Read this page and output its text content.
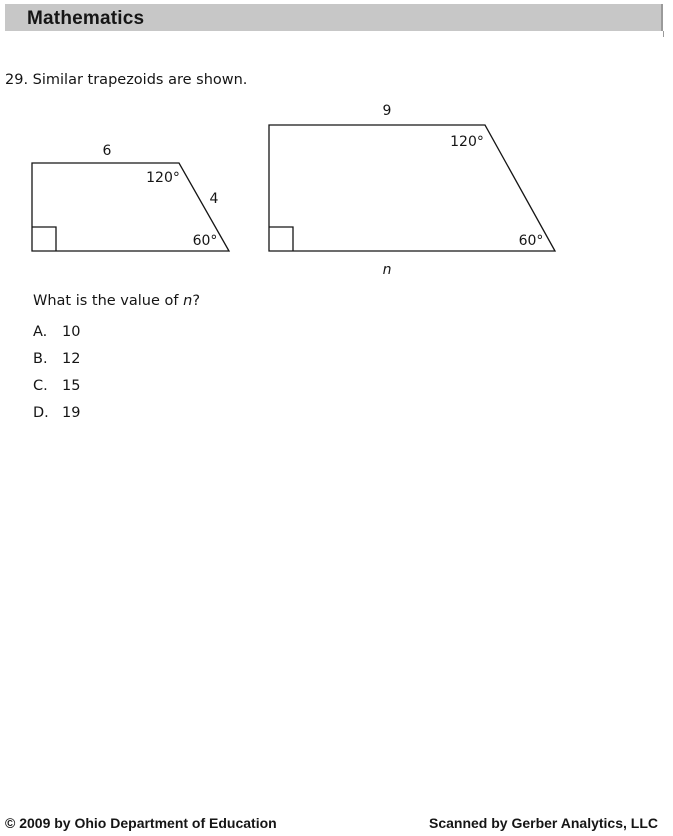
Mathematics
29. Similar trapezoids are shown.
6
4
120°
60°
9
n
120°
60°
What is the value of n?
A. 10
B. 12
C. 15
D. 19
© 2009 by Ohio Department of Education	Scanned by Gerber Analytics, LLC
